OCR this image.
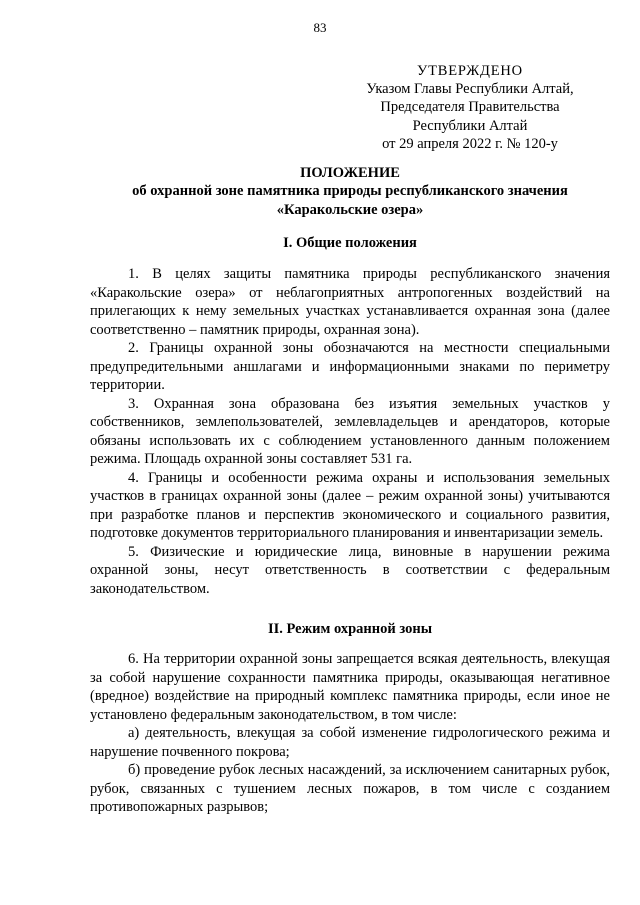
83
УТВЕРЖДЕНО
Указом Главы Республики Алтай,
Председателя Правительства
Республики Алтай
от 29 апреля 2022 г. № 120-у
ПОЛОЖЕНИЕ
об охранной зоне памятника природы республиканского значения
«Каракольские озера»
I. Общие положения

1. В целях защиты памятника природы республиканского значения «Каракольские озера» от неблагоприятных антропогенных воздействий на прилегающих к нему земельных участках устанавливается охранная зона (далее соответственно – памятник природы, охранная зона).

2. Границы охранной зоны обозначаются на местности специальными предупредительными аншлагами и информационными знаками по периметру территории.

3. Охранная зона образована без изъятия земельных участков у собственников, землепользователей, землевладельцев и арендаторов, которые обязаны использовать их с соблюдением установленного данным положением режима. Площадь охранной зоны составляет 531 га.

4. Границы и особенности режима охраны и использования земельных участков в границах охранной зоны (далее – режим охранной зоны) учитываются при разработке планов и перспектив экономического и социального развития, подготовке документов территориального планирования и инвентаризации земель.

5. Физические и юридические лица, виновные в нарушении режима охранной зоны, несут ответственность в соответствии с федеральным законодательством.

II. Режим охранной зоны

6. На территории охранной зоны запрещается всякая деятельность, влекущая за собой нарушение сохранности памятника природы, оказывающая негативное (вредное) воздействие на природный комплекс памятника природы, если иное не установлено федеральным законодательством, в том числе:

а) деятельность, влекущая за собой изменение гидрологического режима и нарушение почвенного покрова;

б) проведение рубок лесных насаждений, за исключением санитарных рубок, рубок, связанных с тушением лесных пожаров, в том числе с созданием противопожарных разрывов;
